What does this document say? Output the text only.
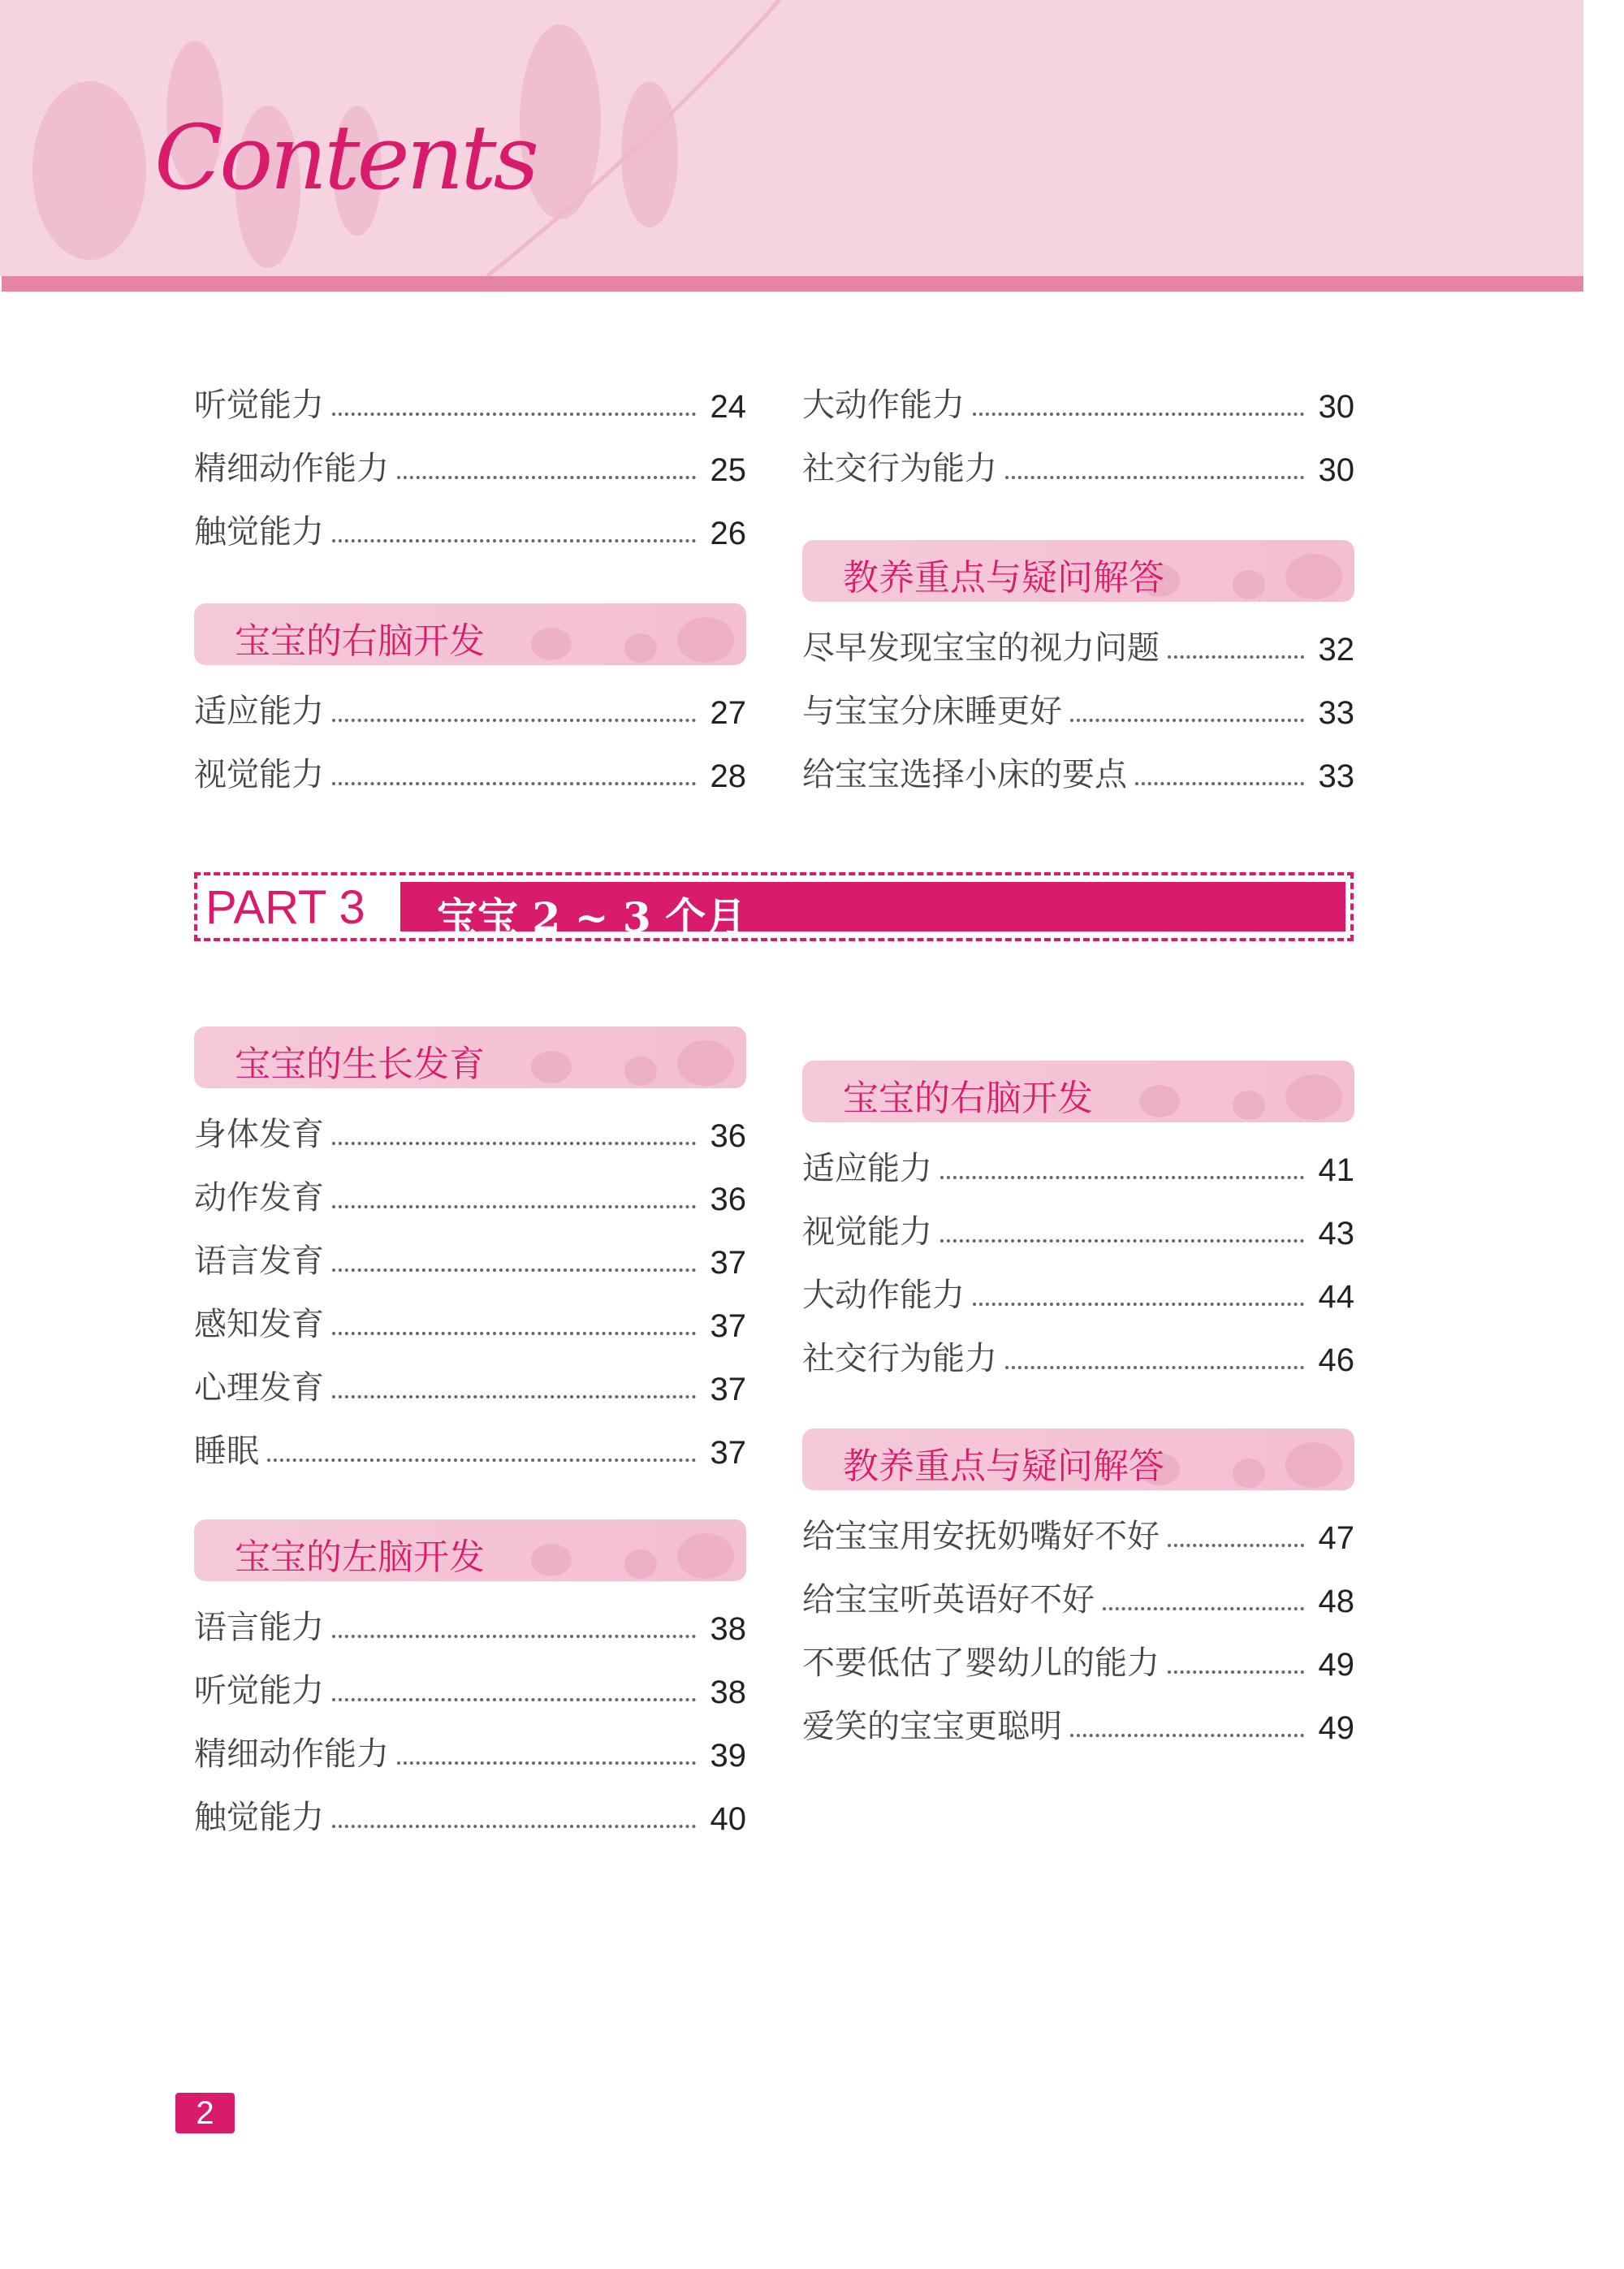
Contents
听觉能力	24
精细动作能力	25
触觉能力	26
宝宝的右脑开发
适应能力	27
视觉能力	28
大动作能力	30
社交行为能力	30
教养重点与疑问解答
尽早发现宝宝的视力问题	32
与宝宝分床睡更好	33
给宝宝选择小床的要点	33
宝宝的生长发育
身体发育	36
动作发育	36
语言发育	37
感知发育	37
心理发育	37
睡眠	37
宝宝的左脑开发
语言能力	38
听觉能力	38
精细动作能力	39
触觉能力	40
宝宝的右脑开发
适应能力	41
视觉能力	43
大动作能力	44
社交行为能力	46
教养重点与疑问解答
给宝宝用安抚奶嘴好不好	47
给宝宝听英语好不好	48
不要低估了婴幼儿的能力	49
爱笑的宝宝更聪明	49
PART 3 宝宝 2 ~ 3 个月
2
